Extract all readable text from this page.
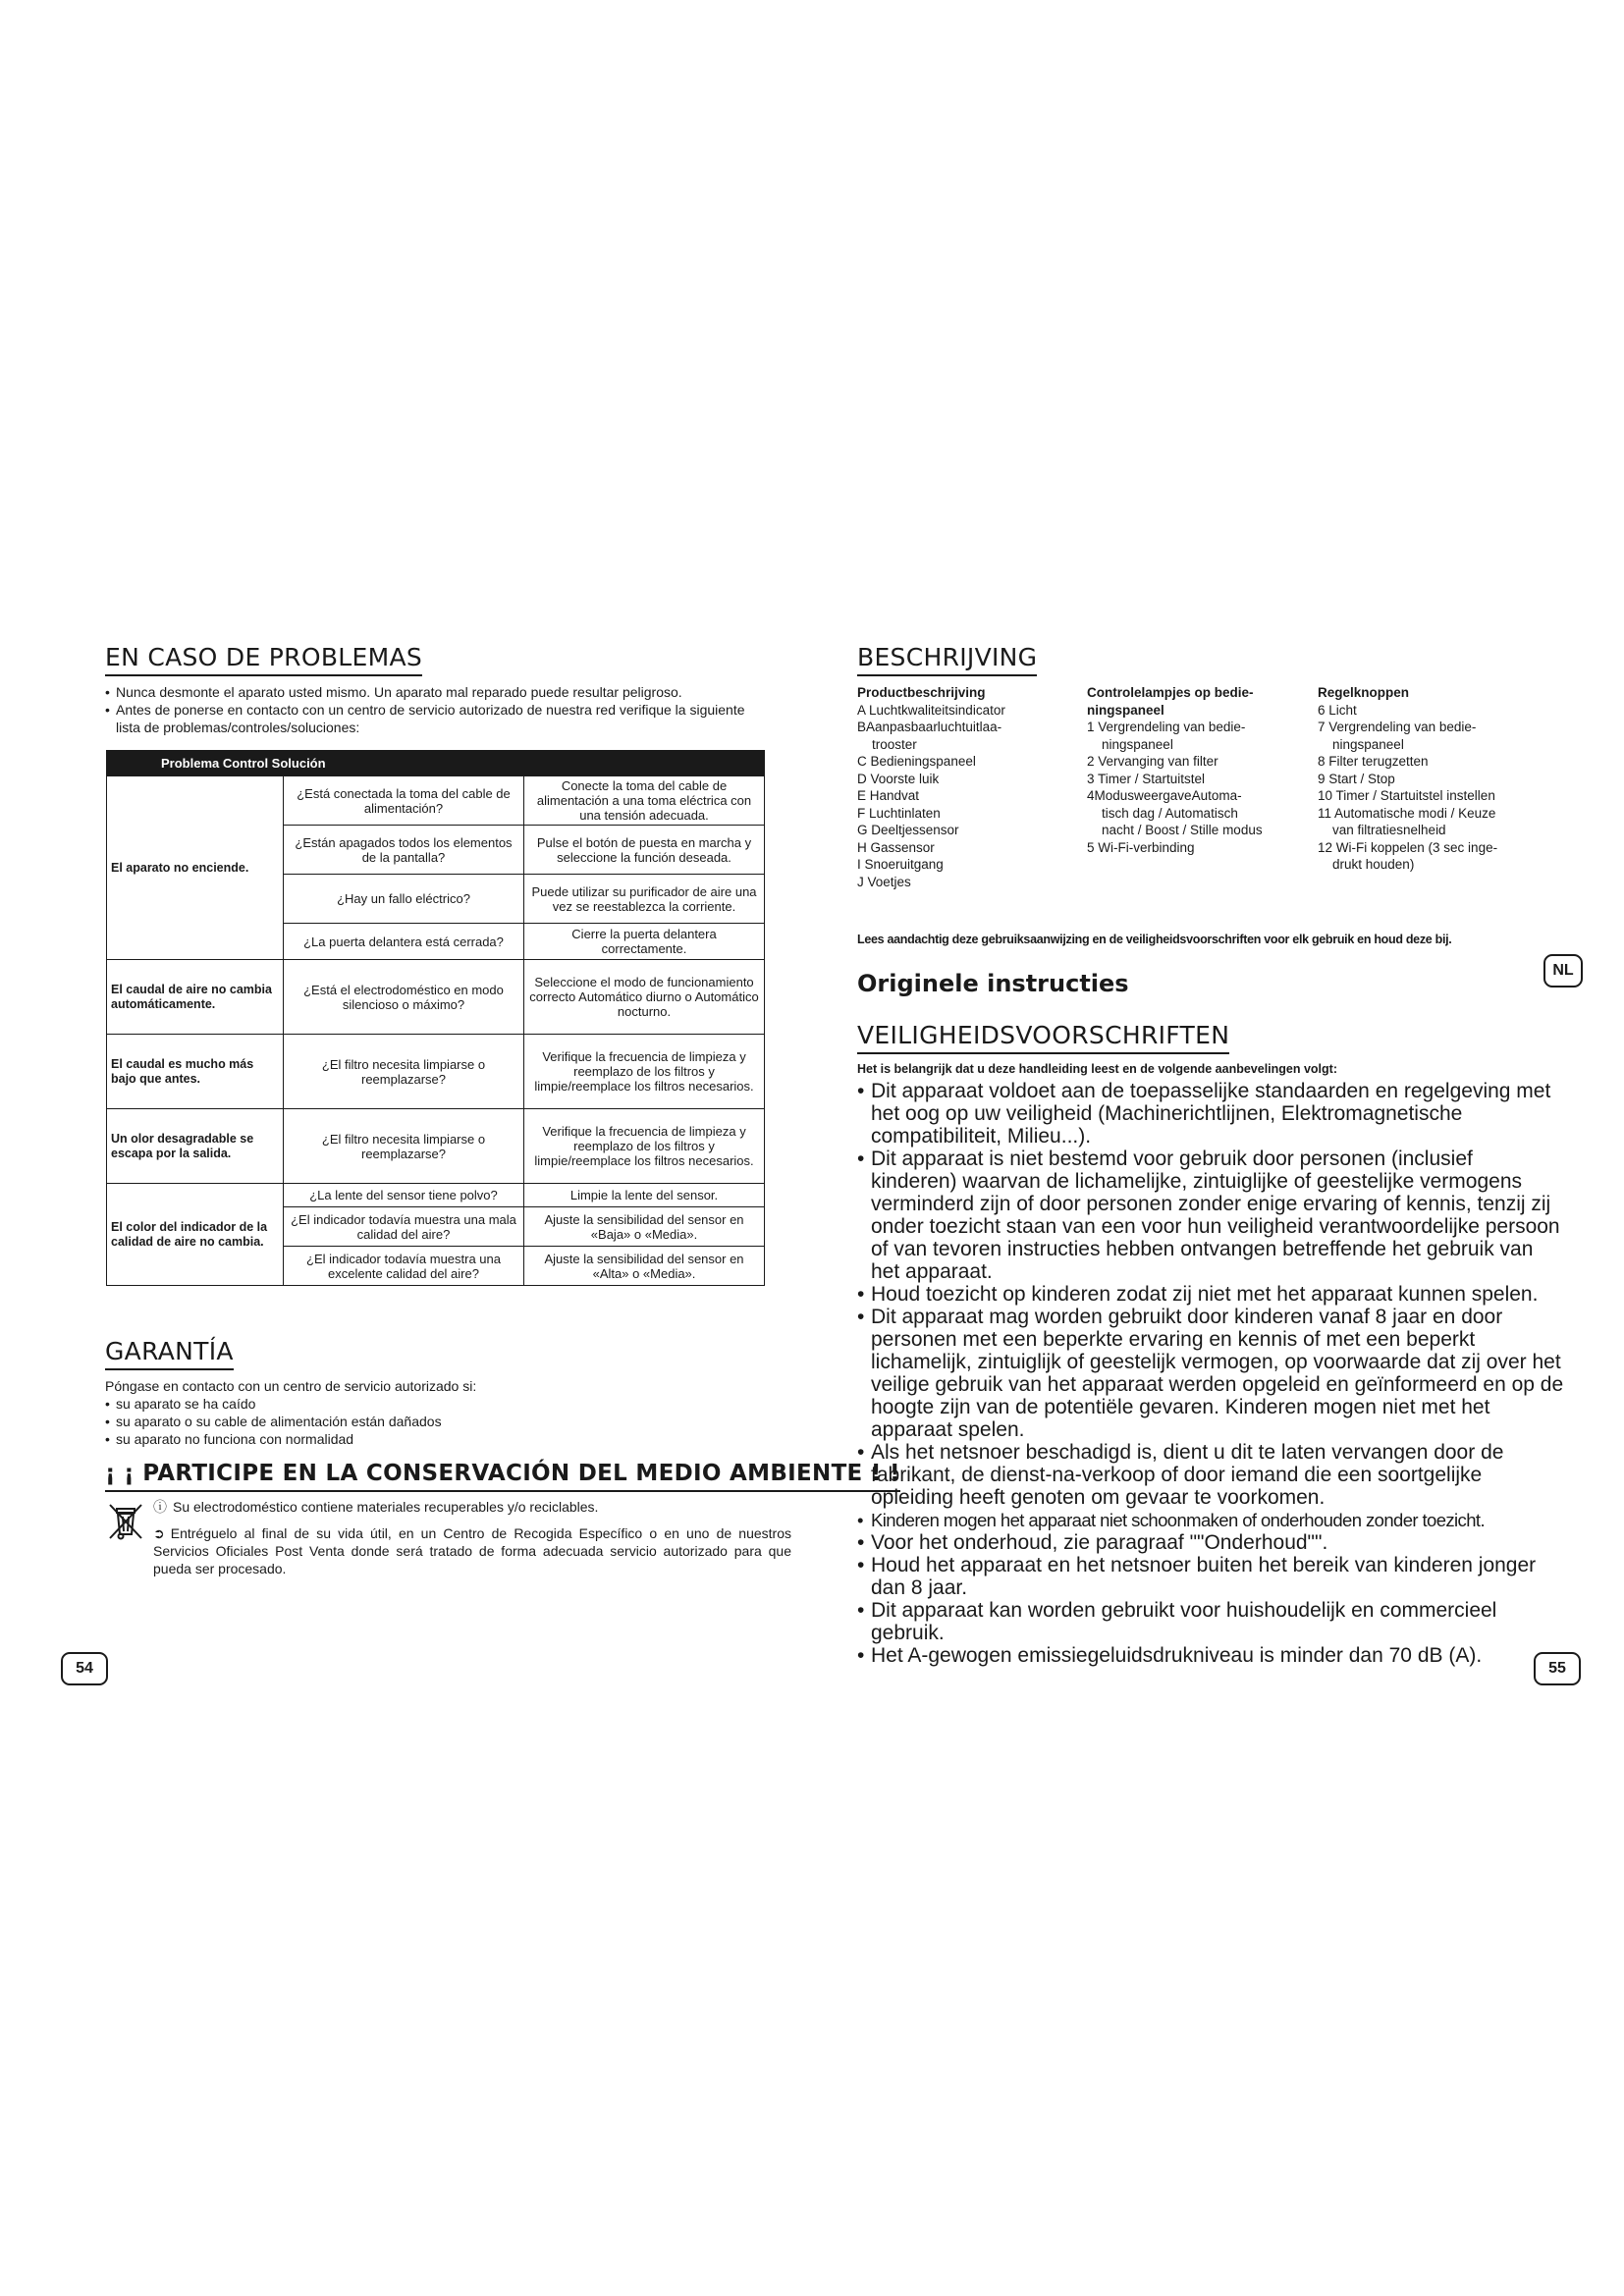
EN CASO DE PROBLEMAS
• Nunca desmonte el aparato usted mismo. Un aparato mal reparado puede resultar peligroso.
• Antes de ponerse en contacto con un centro de servicio autorizado de nuestra red verifique la siguiente lista de problemas/controles/soluciones:
Problema Control Solución		
El aparato no enciende.	¿Está conectada la toma del cable de alimentación?	Conecte la toma del cable de alimentación a una toma eléctrica con una tensión adecuada.
	¿Están apagados todos los elementos de la pantalla?	Pulse el botón de puesta en marcha y seleccione la función deseada.
	¿Hay un fallo eléctrico?	Puede utilizar su purificador de aire una vez se reestablezca la corriente.
	¿La puerta delantera está cerrada?	Cierre la puerta delantera correctamente.
El caudal de aire no cambia automáticamente.	¿Está el electrodoméstico en modo silencioso o máximo?	Seleccione el modo de funcionamiento correcto Automático diurno o Automático nocturno.
El caudal es mucho más bajo que antes.	¿El filtro necesita limpiarse o reemplazarse?	Verifique la frecuencia de limpieza y reemplazo de los filtros y limpie/reemplace los filtros necesarios.
Un olor desagradable se escapa por la salida.	¿El filtro necesita limpiarse o reemplazarse?	Verifique la frecuencia de limpieza y reemplazo de los filtros y limpie/reemplace los filtros necesarios.
El color del indicador de la calidad de aire no cambia.	¿La lente del sensor tiene polvo?	Limpie la lente del sensor.
	¿El indicador todavía muestra una mala calidad del aire?	Ajuste la sensibilidad del sensor en «Baja» o «Media».
	¿El indicador todavía muestra una excelente calidad del aire?	Ajuste la sensibilidad del sensor en «Alta» o «Media».
GARANTÍA
Póngase en contacto con un centro de servicio autorizado si:
• su aparato se ha caído
• su aparato o su cable de alimentación están dañados
• su aparato no funciona con normalidad
¡ ¡ PARTICIPE EN LA CONSERVACIÓN DEL MEDIO AMBIENTE ! !
ⓘ Su electrodoméstico contiene materiales recuperables y/o reciclables.
➲ Entréguelo al final de su vida útil, en un Centro de Recogida Específico o en uno de nuestros Servicios Oficiales Post Venta donde será tratado de forma adecuada servicio autorizado para que pueda ser procesado.
54
BESCHRIJVING
Productbeschrijving
A Luchtkwaliteitsindicator
BAanpasbaarluchtuitlaa-
trooster
C Bedieningspaneel
D Voorste luik
E Handvat
F Luchtinlaten
G Deeltjessensor
H Gassensor
I Snoeruitgang
J Voetjes
Controlelampjes op bedie-
ningspaneel
1 Vergrendeling van bedie-
ningspaneel
2 Vervanging van filter
3 Timer / Startuitstel
4ModusweergaveAutoma-
tisch dag / Automatisch
nacht / Boost / Stille modus
5 Wi-Fi-verbinding
Regelknoppen
6 Licht
7 Vergrendeling van bedie-
ningspaneel
8 Filter terugzetten
9 Start / Stop
10 Timer / Startuitstel instellen
11 Automatische modi / Keuze
van filtratiesnelheid
12 Wi-Fi koppelen (3 sec inge-
drukt houden)
Lees aandachtig deze gebruiksaanwijzing en de veiligheidsvoorschriften voor elk gebruik en houd deze bij.
NL
Originele instructies
VEILIGHEIDSVOORSCHRIFTEN
Het is belangrijk dat u deze handleiding leest en de volgende aanbevelingen volgt:
• Dit apparaat voldoet aan de toepasselijke standaarden en regelgeving met het oog op uw veiligheid (Machinerichtlijnen, Elektromagnetische compatibiliteit, Milieu...).
• Dit apparaat is niet bestemd voor gebruik door personen (inclusief kinderen) waarvan de lichamelijke, zintuiglijke of geestelijke vermogens verminderd zijn of door personen zonder enige ervaring of kennis, tenzij zij onder toezicht staan van een voor hun veiligheid verantwoordelijke persoon of van tevoren instructies hebben ontvangen betreffende het gebruik van het apparaat.
• Houd toezicht op kinderen zodat zij niet met het apparaat kunnen spelen.
• Dit apparaat mag worden gebruikt door kinderen vanaf 8 jaar en door personen met een beperkte ervaring en kennis of met een beperkt lichamelijk, zintuiglijk of geestelijk vermogen, op voorwaarde dat zij over het veilige gebruik van het apparaat werden opgeleid en geïnformeerd en op de hoogte zijn van de potentiële gevaren. Kinderen mogen niet met het apparaat spelen.
• Als het netsnoer beschadigd is, dient u dit te laten vervangen door de fabrikant, de dienst-na-verkoop of door iemand die een soortgelijke opleiding heeft genoten om gevaar te voorkomen.
• Kinderen mogen het apparaat niet schoonmaken of onderhouden zonder toezicht.
• Voor het onderhoud, zie paragraaf ""Onderhoud"".
• Houd het apparaat en het netsnoer buiten het bereik van kinderen jonger dan 8 jaar.
• Dit apparaat kan worden gebruikt voor huishoudelijk en commercieel gebruik.
• Het A-gewogen emissiegeluidsdrukniveau is minder dan 70 dB (A).
55
